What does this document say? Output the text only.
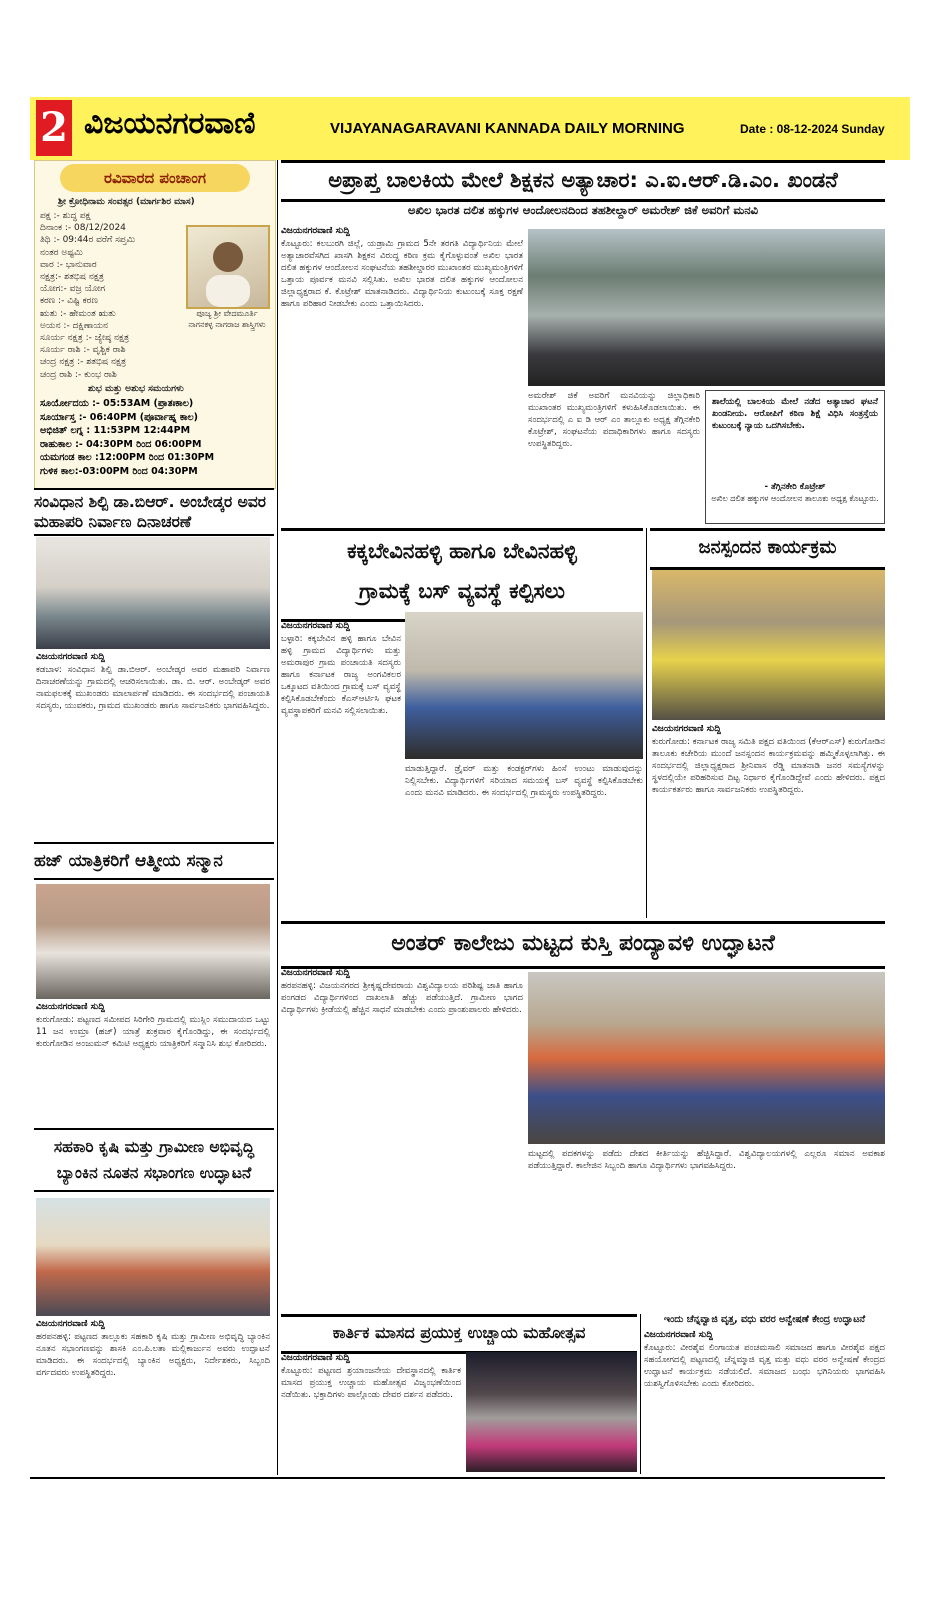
2 ವಿಜಯನಗರವಾಣಿ	VIJAYANAGARAVANI KANNADA DAILY MORNING	Date : 08-12-2024 Sunday
ರವಿವಾರದ ಪಂಚಾಂಗ
ಶ್ರೀ ಕ್ರೋಧಿನಾಮ ಸಂವತ್ಸರ (ಮಾರ್ಗಶಿರ ಮಾಸ)
ಪಕ್ಷ :- ಶುದ್ಧ ಪಕ್ಷ
ದಿನಾಂಕ :- 08/12/2024
ತಿಥಿ :- 09:44ರ ವರೆಗೆ ಸಪ್ತಮಿ
ನಂತರ ಅಷ್ಟಮಿ
ವಾರ :- ಭಾನುವಾರ
ನಕ್ಷತ್ರ:- ಶತಭಿಷ ನಕ್ಷತ್ರ
ಯೋಗ:- ವಜ್ರ ಯೋಗ
ಕರಣ :- ವಿಷ್ಟಿ ಕರಣ
ಋತು :- ಹೇಮಂತ ಋತು
ಅಯನ :- ದಕ್ಷಿಣಾಯನ
ಸೂರ್ಯ ನಕ್ಷತ್ರ :- ಜ್ಯೇಷ್ಠ ನಕ್ಷತ್ರ
ಸೂರ್ಯ ರಾಶಿ :- ವೃಶ್ಚಿಕ ರಾಶಿ
ಚಂದ್ರ ನಕ್ಷತ್ರ :- ಶತಭಿಷ ನಕ್ಷತ್ರ
ಚಂದ್ರ ರಾಶಿ :- ಕುಂಭ ರಾಶಿ
ಪೂಜ್ಯ ಶ್ರೀ ವೇದಮೂರ್ತಿ ನಾಗನಕಳ್ಳ ನಾಗರಾಜ ಶಾಸ್ತ್ರಿಗಳು
ಶುಭ ಮತ್ತು ಅಶುಭ ಸಮಯಗಳು
ಸೂರ್ಯೋದಯ :- 05:53AM (ಪ್ರಾತಃಕಾಲ)
ಸೂರ್ಯಾಸ್ತ :- 06:40PM (ಪೂರ್ವಾಹ್ನ ಕಾಲ)
ಅಭಿಜಿತ್ ಲಗ್ನ : 11:53PM 12:44PM
ರಾಹುಕಾಲ :- 04:30PM ರಿಂದ 06:00PM
ಯಮಗಂಡ ಕಾಲ :12:00PM ರಿಂದ 01:30PM
ಗುಳಿಕ ಕಾಲ:-03:00PM ರಿಂದ 04:30PM
ಸಂವಿಧಾನ ಶಿಲ್ಪಿ ಡಾ.ಬಿಆರ್. ಅಂಬೇಡ್ಕರ ಅವರ ಮಹಾಪರಿ ನಿರ್ವಾಣ ದಿನಾಚರಣೆ
ವಿಜಯನಗರವಾಣಿ ಸುದ್ದಿ
ಕಡಬಾಳ: ಸಂವಿಧಾನ ಶಿಲ್ಪಿ ಡಾ.ಬಿಆರ್. ಅಂಬೇಡ್ಕರ ಅವರ ಮಹಾಪರಿ ನಿರ್ವಾಣ ದಿನಾಚರಣೆಯನ್ನು ಗ್ರಾಮದಲ್ಲಿ ಆಚರಿಸಲಾಯಿತು. ಡಾ. ಬಿ. ಆರ್. ಅಂಬೇಡ್ಕರ್ ಅವರ ನಾಮಫಲಕಕ್ಕೆ ಮುಖಂಡರು ಮಾಲಾರ್ಪಣೆ ಮಾಡಿದರು. ಈ ಸಂದರ್ಭದಲ್ಲಿ ಪಂಚಾಯತಿ ಸದಸ್ಯರು, ಯುವಕರು, ಗ್ರಾಮದ ಮುಖಂಡರು ಹಾಗೂ ಸಾರ್ವಜನಿಕರು ಭಾಗವಹಿಸಿದ್ದರು.
ಹಜ್ ಯಾತ್ರಿಕರಿಗೆ ಆತ್ಮೀಯ ಸನ್ಮಾನ
ವಿಜಯನಗರವಾಣಿ ಸುದ್ದಿ
ಕುರುಗೋಡು: ಪಟ್ಟಣದ ಸಮೀಪದ ಸಿರಿಗೇರಿ ಗ್ರಾಮದಲ್ಲಿ ಮುಸ್ಲಿಂ ಸಮುದಾಯದ ಒಟ್ಟು 11 ಜನ ಉಮ್ರಾ (ಹಜ್) ಯಾತ್ರೆ ಶುಕ್ರವಾರ ಕೈಗೊಂಡಿದ್ದು, ಈ ಸಂದರ್ಭದಲ್ಲಿ ಕುರುಗೋಡಿನ ಅಂಜುಮನ್ ಕಮಿಟಿ ಅಧ್ಯಕ್ಷರು ಯಾತ್ರಿಕರಿಗೆ ಸನ್ಮಾನಿಸಿ ಶುಭ ಕೋರಿದರು.
ಸಹಕಾರಿ ಕೃಷಿ ಮತ್ತು ಗ್ರಾಮೀಣ ಅಭಿವೃದ್ಧಿ ಬ್ಯಾಂಕಿನ ನೂತನ ಸಭಾಂಗಣ ಉದ್ಘಾಟನೆ
ವಿಜಯನಗರವಾಣಿ ಸುದ್ದಿ
ಹರಪನಹಳ್ಳಿ: ಪಟ್ಟಣದ ತಾಲ್ಲೂಕು ಸಹಕಾರಿ ಕೃಷಿ ಮತ್ತು ಗ್ರಾಮೀಣ ಅಭಿವೃದ್ಧಿ ಬ್ಯಾಂಕಿನ ನೂತನ ಸಭಾಂಗಣವನ್ನು ಶಾಸಕಿ ಎಂ.ಪಿ.ಲತಾ ಮಲ್ಲಿಕಾರ್ಜುನ ಅವರು ಉದ್ಘಾಟನೆ ಮಾಡಿದರು. ಈ ಸಂದರ್ಭದಲ್ಲಿ ಬ್ಯಾಂಕಿನ ಅಧ್ಯಕ್ಷರು, ನಿರ್ದೇಶಕರು, ಸಿಬ್ಬಂದಿ ವರ್ಗದವರು ಉಪಸ್ಥಿತರಿದ್ದರು.
ಅಪ್ರಾಪ್ತ ಬಾಲಕಿಯ ಮೇಲೆ ಶಿಕ್ಷಕನ ಅತ್ಯಾಚಾರ: ಎ.ಐ.ಆರ್.ಡಿ.ಎಂ. ಖಂಡನೆ
ಅಖಿಲ ಭಾರತ ದಲಿತ ಹಕ್ಕುಗಳ ಆಂದೋಲನದಿಂದ ತಹಶೀಲ್ದಾರ್ ಅಮರೇಶ್ ಜಿಕೆ ಅವರಿಗೆ ಮನವಿ
ವಿಜಯನಗರವಾಣಿ ಸುದ್ದಿ
ಕೊಟ್ಟೂರು: ಕಲಬುರಗಿ ಜಿಲ್ಲೆ, ಯಡ್ರಾಮಿ ಗ್ರಾಮದ 5ನೇ ತರಗತಿ ವಿದ್ಯಾರ್ಥಿನಿಯ ಮೇಲೆ ಅತ್ಯಾಚಾರವೆಸಗಿದ ಖಾಸಗಿ ಶಿಕ್ಷಕನ ವಿರುದ್ಧ ಕಠಿಣ ಕ್ರಮ ಕೈಗೊಳ್ಳುವಂತೆ ಅಖಿಲ ಭಾರತ ದಲಿತ ಹಕ್ಕುಗಳ ಆಂದೋಲನ ಸಂಘಟನೆಯ ತಹಶೀಲ್ದಾರರ ಮುಖಾಂತರ ಮುಖ್ಯಮಂತ್ರಿಗಳಿಗೆ ಒತ್ತಾಯ ಪೂರ್ವಕ ಮನವಿ ಸಲ್ಲಿಸಿತು. ಅಖಿಲ ಭಾರತ ದಲಿತ ಹಕ್ಕುಗಳ ಆಂದೋಲನ ಜಿಲ್ಲಾಧ್ಯಕ್ಷರಾದ ಕೆ. ಕೊಟ್ರೇಶ್ ಮಾತನಾಡಿದರು. ವಿದ್ಯಾರ್ಥಿನಿಯ ಕುಟುಂಬಕ್ಕೆ ಸೂಕ್ತ ರಕ್ಷಣೆ ಹಾಗೂ ಪರಿಹಾರ ನೀಡಬೇಕು ಎಂದು ಒತ್ತಾಯಿಸಿದರು.
ಅಮರೇಶ್ ಜಿಕೆ ಅವರಿಗೆ ಮನವಿಯನ್ನು ಜಿಲ್ಲಾಧಿಕಾರಿ ಮುಖಾಂತರ ಮುಖ್ಯಮಂತ್ರಿಗಳಿಗೆ ಕಳುಹಿಸಿಕೊಡಲಾಯಿತು. ಈ ಸಂದರ್ಭದಲ್ಲಿ ಎ ಐ ಡಿ ಆರ್ ಎಂ ತಾಲ್ಲೂಕು ಅಧ್ಯಕ್ಷ ತೆಗ್ಗಿನಕೇರಿ ಕೊಟ್ರೇಶ್, ಸಂಘಟನೆಯ ಪದಾಧಿಕಾರಿಗಳು ಹಾಗೂ ಸದಸ್ಯರು ಉಪಸ್ಥಿತರಿದ್ದರು.
ಶಾಲೆಯಲ್ಲಿ ಬಾಲಕಿಯ ಮೇಲೆ ನಡೆದ ಅತ್ಯಾಚಾರ ಘಟನೆ ಖಂಡನೀಯ. ಆರೋಪಿಗೆ ಕಠಿಣ ಶಿಕ್ಷೆ ವಿಧಿಸಿ ಸಂತ್ರಸ್ತೆಯ ಕುಟುಂಬಕ್ಕೆ ನ್ಯಾಯ ಒದಗಿಸಬೇಕು.
- ತೆಗ್ಗಿನಕೇರಿ ಕೊಟ್ರೇಶ್
ಅಖಿಲ ದಲಿತ ಹಕ್ಕುಗಳ ಆಂದೋಲನ ತಾಲೂಕು ಅಧ್ಯಕ್ಷ ಕೊಟ್ಟೂರು.
ಕಕ್ಕಬೇವಿನಹಳ್ಳಿ ಹಾಗೂ ಬೇವಿನಹಳ್ಳಿ
ಗ್ರಾಮಕ್ಕೆ ಬಸ್ ವ್ಯವಸ್ಥೆ ಕಲ್ಪಿಸಲು
ವಿಜಯನಗರವಾಣಿ ಸುದ್ದಿ
ಬಳ್ಳಾರಿ: ಕಕ್ಕಬೇವಿನ ಹಳ್ಳಿ ಹಾಗೂ ಬೇವಿನ ಹಳ್ಳಿ ಗ್ರಾಮದ ವಿದ್ಯಾರ್ಥಿಗಳು ಮತ್ತು ಅಮರಾಪುರ ಗ್ರಾಮ ಪಂಚಾಯತಿ ಸದಸ್ಯರು ಹಾಗೂ ಕರ್ನಾಟಕ ರಾಜ್ಯ ಅಂಗವಿಕಲರ ಒಕ್ಕೂಟದ ವತಿಯಿಂದ ಗ್ರಾಮಕ್ಕೆ ಬಸ್ ವ್ಯವಸ್ಥೆ ಕಲ್ಪಿಸಿಕೊಡಬೇಕೆಂದು ಕೆಎಸ್ಆರ್ಟಿಸಿ ಘಟಕ ವ್ಯವಸ್ಥಾಪಕರಿಗೆ ಮನವಿ ಸಲ್ಲಿಸಲಾಯಿತು.
ಮಾಡುತ್ತಿದ್ದಾರೆ. ಡ್ರೈವರ್ ಮತ್ತು ಕಂಡಕ್ಟರ್‌ಗಳು ಹಿಂಸೆ ಉಂಟು ಮಾಡುವುದನ್ನು ನಿಲ್ಲಿಸಬೇಕು. ವಿದ್ಯಾರ್ಥಿಗಳಿಗೆ ಸರಿಯಾದ ಸಮಯಕ್ಕೆ ಬಸ್ ವ್ಯವಸ್ಥೆ ಕಲ್ಪಿಸಿಕೊಡಬೇಕು ಎಂದು ಮನವಿ ಮಾಡಿದರು. ಈ ಸಂದರ್ಭದಲ್ಲಿ ಗ್ರಾಮಸ್ಥರು ಉಪಸ್ಥಿತರಿದ್ದರು.
ಜನಸ್ಪಂದನ ಕಾರ್ಯಕ್ರಮ
ವಿಜಯನಗರವಾಣಿ ಸುದ್ದಿ
ಕುರುಗೋಡು: ಕರ್ನಾಟಕ ರಾಜ್ಯ ಸಮಿತಿ ಪಕ್ಷದ ವತಿಯಿಂದ (ಕೆಆರ್‌ಎಸ್) ಕುರುಗೋಡಿನ ತಾಲೂಕು ಕಚೇರಿಯ ಮುಂದೆ ಜನಸ್ಪಂದನ ಕಾರ್ಯಕ್ರಮವನ್ನು ಹಮ್ಮಿಕೊಳ್ಳಲಾಗಿತ್ತು. ಈ ಸಂದರ್ಭದಲ್ಲಿ ಜಿಲ್ಲಾಧ್ಯಕ್ಷರಾದ ಶ್ರೀನಿವಾಸ ರೆಡ್ಡಿ ಮಾತನಾಡಿ ಜನರ ಸಮಸ್ಯೆಗಳನ್ನು ಸ್ಥಳದಲ್ಲಿಯೇ ಪರಿಹರಿಸುವ ದಿಟ್ಟ ನಿರ್ಧಾರ ಕೈಗೊಂಡಿದ್ದೇವೆ ಎಂದು ಹೇಳಿದರು. ಪಕ್ಷದ ಕಾರ್ಯಕರ್ತರು ಹಾಗೂ ಸಾರ್ವಜನಿಕರು ಉಪಸ್ಥಿತರಿದ್ದರು.
ಅಂತರ್ ಕಾಲೇಜು ಮಟ್ಟದ ಕುಸ್ತಿ ಪಂದ್ಯಾವಳಿ ಉದ್ಘಾಟನೆ
ವಿಜಯನಗರವಾಣಿ ಸುದ್ದಿ
ಹರಪನಹಳ್ಳಿ: ವಿಜಯನಗರದ ಶ್ರೀಕೃಷ್ಣದೇವರಾಯ ವಿಶ್ವವಿದ್ಯಾಲಯ ಪರಿಶಿಷ್ಟ ಜಾತಿ ಹಾಗೂ ಪಂಗಡದ ವಿದ್ಯಾರ್ಥಿಗಳಿಂದ ದಾಖಲಾತಿ ಹೆಚ್ಚು ಪಡೆಯುತ್ತಿದೆ. ಗ್ರಾಮೀಣ ಭಾಗದ ವಿದ್ಯಾರ್ಥಿಗಳು ಕ್ರೀಡೆಯಲ್ಲಿ ಹೆಚ್ಚಿನ ಸಾಧನೆ ಮಾಡಬೇಕು ಎಂದು ಪ್ರಾಂಶುಪಾಲರು ಹೇಳಿದರು.
ಮಟ್ಟದಲ್ಲಿ ಪದಕಗಳನ್ನು ಪಡೆದು ದೇಶದ ಕೀರ್ತಿಯನ್ನು ಹೆಚ್ಚಿಸಿದ್ದಾರೆ. ವಿಶ್ವವಿದ್ಯಾಲಯಗಳಲ್ಲಿ ಎಲ್ಲರೂ ಸಮಾನ ಅವಕಾಶ ಪಡೆಯುತ್ತಿದ್ದಾರೆ. ಕಾಲೇಜಿನ ಸಿಬ್ಬಂದಿ ಹಾಗೂ ವಿದ್ಯಾರ್ಥಿಗಳು ಭಾಗವಹಿಸಿದ್ದರು.
ಕಾರ್ತಿಕ ಮಾಸದ ಪ್ರಯುಕ್ತ ಉಚ್ಚಾಯ ಮಹೋತ್ಸವ
ವಿಜಯನಗರವಾಣಿ ಸುದ್ದಿ
ಕೊಟ್ಟೂರು: ಪಟ್ಟಣದ ಶ್ರಯಾಂಜನೇಯ ದೇವಸ್ಥಾನದಲ್ಲಿ ಕಾರ್ತಿಕ ಮಾಸದ ಪ್ರಯುಕ್ತ ಉಚ್ಚಾಯ ಮಹೋತ್ಸವ ವಿಜೃಂಭಣೆಯಿಂದ ನಡೆಯಿತು. ಭಕ್ತಾದಿಗಳು ಪಾಲ್ಗೊಂಡು ದೇವರ ದರ್ಶನ ಪಡೆದರು.
ಇಂದು ಚೆನ್ನವ್ವಾಜಿ ವೃತ್ತ, ವಧು ವರರ ಅನ್ವೇಷಣೆ ಕೇಂದ್ರ ಉದ್ಘಾಟನೆ
ವಿಜಯನಗರವಾಣಿ ಸುದ್ದಿ
ಕೊಟ್ಟೂರು: ವೀರಶೈವ ಲಿಂಗಾಯತ ಪಂಚಮಸಾಲಿ ಸಮಾಜದ ಹಾಗೂ ವೀರಶೈವ ಪಕ್ಷದ ಸಹಯೋಗದಲ್ಲಿ ಪಟ್ಟಣದಲ್ಲಿ ಚೆನ್ನಮ್ಮಾಜಿ ವೃತ್ತ ಮತ್ತು ವಧು ವರರ ಅನ್ವೇಷಣೆ ಕೇಂದ್ರದ ಉದ್ಘಾಟನೆ ಕಾರ್ಯಕ್ರಮ ನಡೆಯಲಿದೆ. ಸಮಾಜದ ಬಂಧು ಭಗಿನಿಯರು ಭಾಗವಹಿಸಿ ಯಶಸ್ವಿಗೊಳಿಸಬೇಕು ಎಂದು ಕೋರಿದರು.
